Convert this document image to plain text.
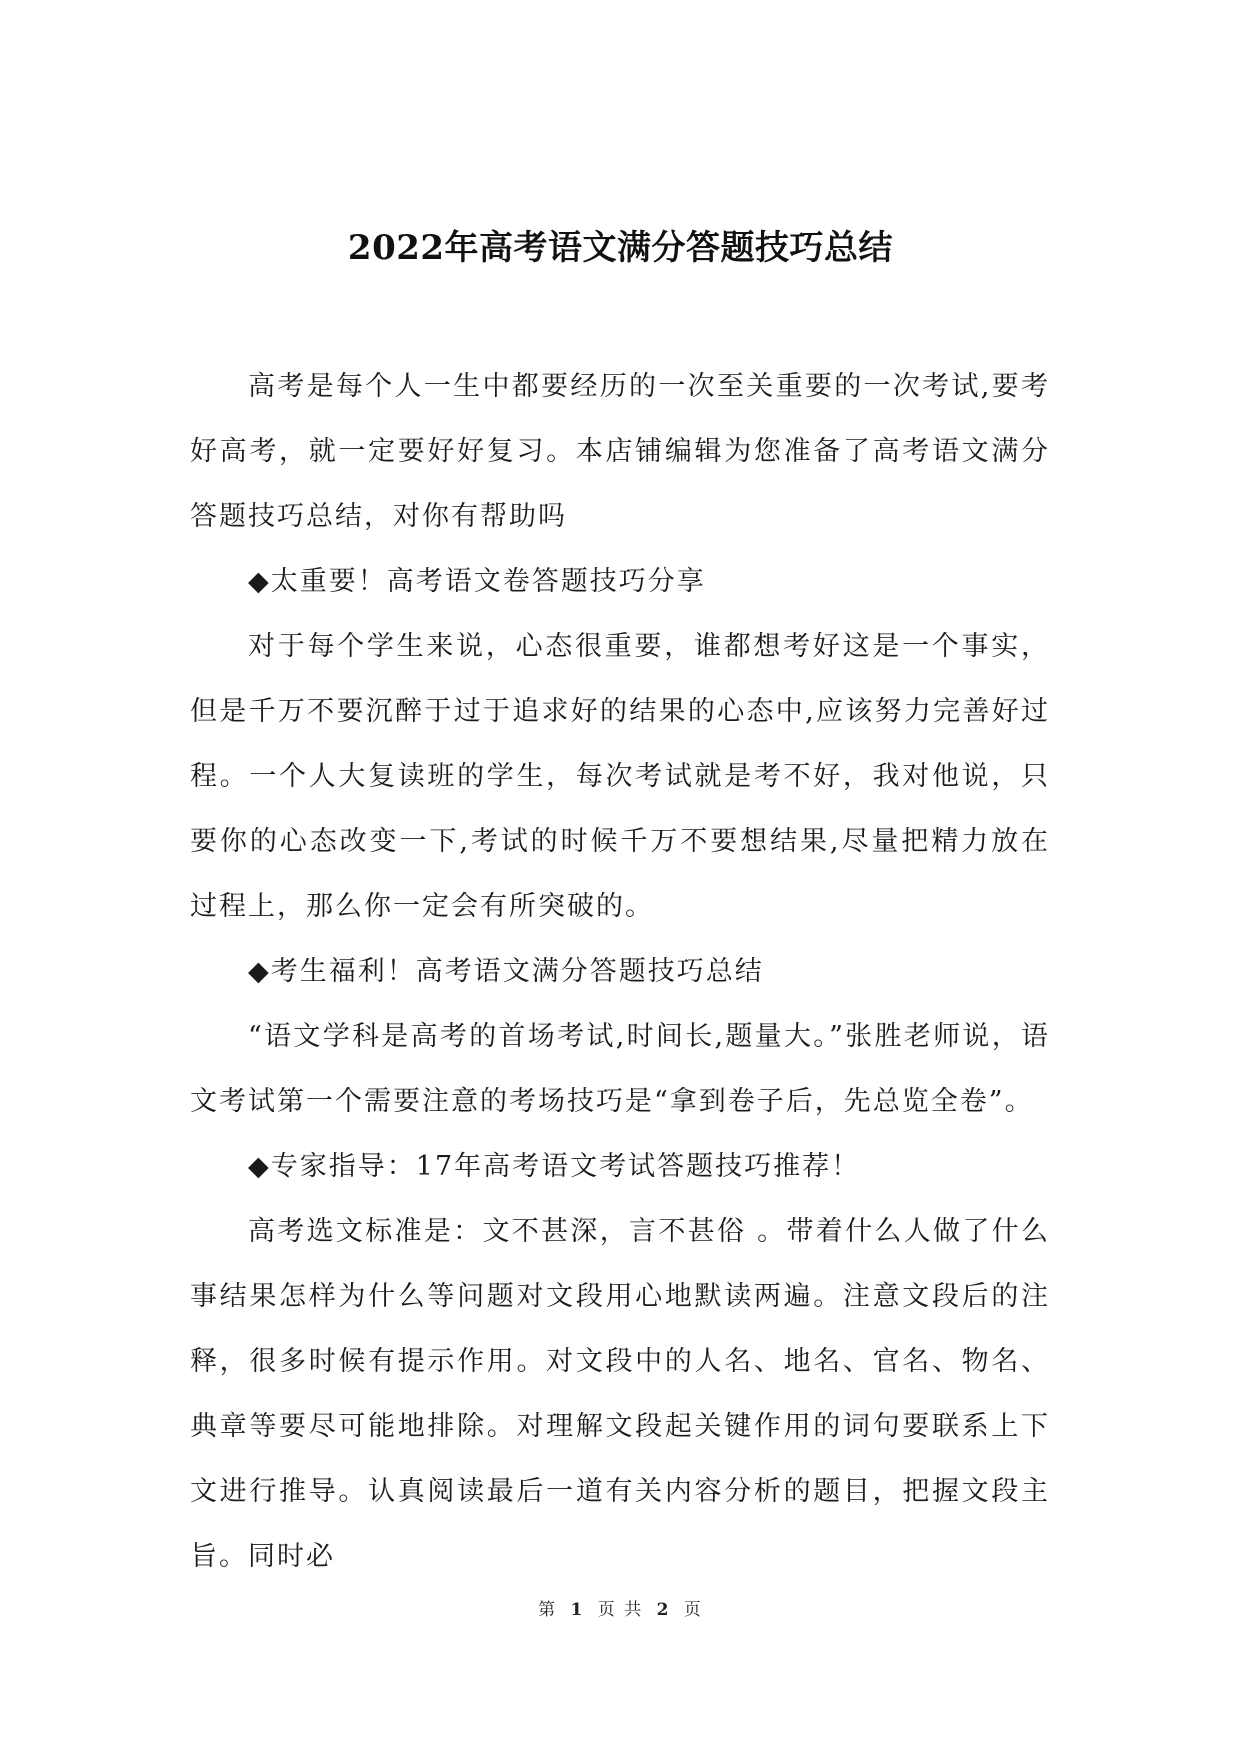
2022年高考语文满分答题技巧总结

高考是每个人一生中都要经历的一次至关重要的一次考试,要考好高考，就一定要好好复习。本店铺编辑为您准备了高考语文满分答题技巧总结，对你有帮助吗

◆太重要！高考语文卷答题技巧分享

对于每个学生来说，心态很重要，谁都想考好这是一个事实，但是千万不要沉醉于过于追求好的结果的心态中,应该努力完善好过程。一个人大复读班的学生，每次考试就是考不好，我对他说，只要你的心态改变一下,考试的时候千万不要想结果,尽量把精力放在过程上，那么你一定会有所突破的。

◆考生福利！高考语文满分答题技巧总结

“语文学科是高考的首场考试,时间长,题量大。”张胜老师说，语文考试第一个需要注意的考场技巧是“拿到卷子后，先总览全卷”。

◆专家指导：17年高考语文考试答题技巧推荐！

高考选文标准是：文不甚深，言不甚俗 。带着什么人做了什么事结果怎样为什么等问题对文段用心地默读两遍。注意文段后的注释，很多时候有提示作用。对文段中的人名、地名、官名、物名、典章等要尽可能地排除。对理解文段起关键作用的词句要联系上下文进行推导。认真阅读最后一道有关内容分析的题目，把握文段主旨。同时必

第 1 页 共 2 页
